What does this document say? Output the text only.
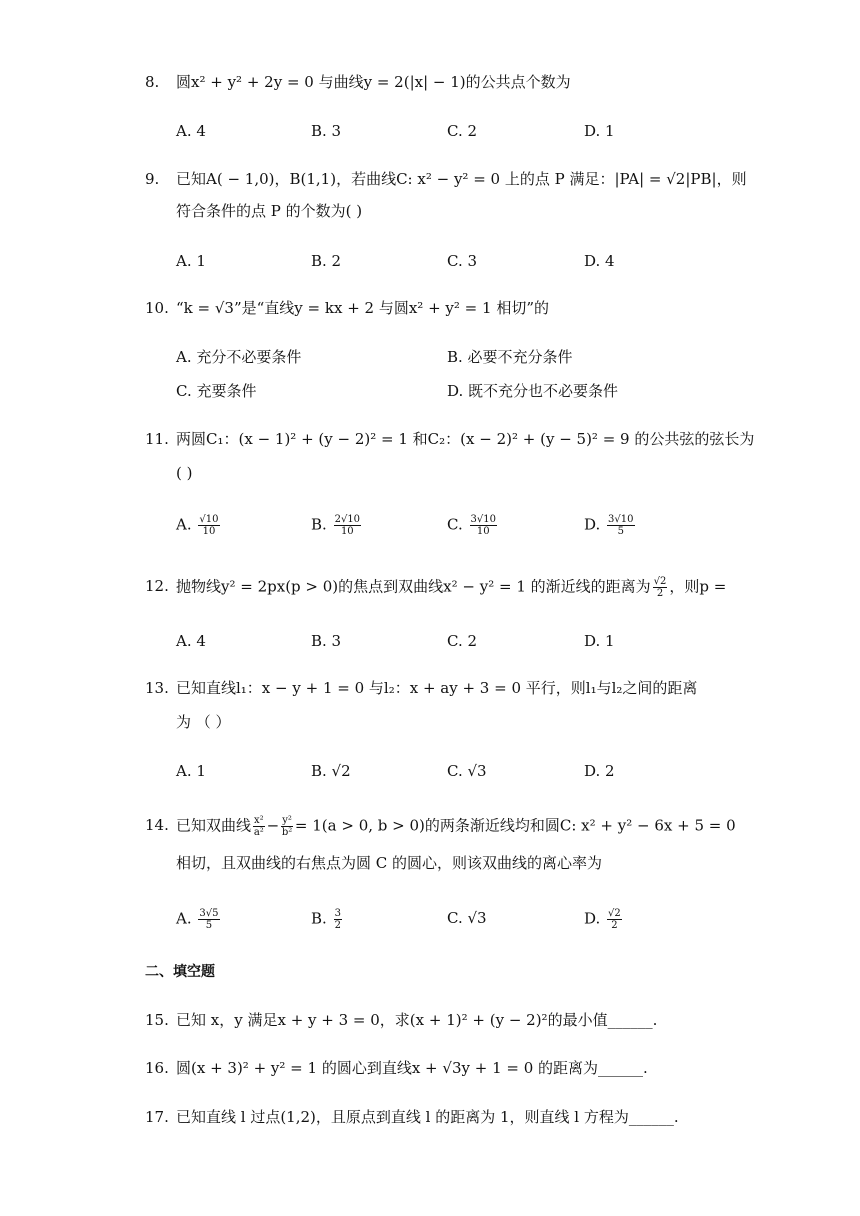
8.	圆x² + y² + 2y = 0 与曲线y = 2(|x| − 1)的公共点个数为
A. 4	B. 3	C. 2	D. 1
9.	已知A( − 1,0)，B(1,1)，若曲线C: x² − y² = 0 上的点 P 满足：|PA| = √2|PB|，则
符合条件的点 P 的个数为( )
A. 1	B. 2	C. 3	D. 4
10. “k = √3”是“直线y = kx + 2 与圆x² + y² = 1 相切”的
A. 充分不必要条件	B. 必要不充分条件
C. 充要条件	D. 既不充分也不必要条件
11. 两圆C₁：(x − 1)² + (y − 2)² = 1 和C₂：(x − 2)² + (y − 5)² = 9 的公共弦的弦长为
( )
A. $\frac{√10}{10}$	B. $\frac{2√10}{10}$	C. $\frac{3√10}{10}$	D. $\frac{3√10}{5}$
12. 抛物线y² = 2px(p > 0)的焦点到双曲线x² − y² = 1 的渐近线的距离为 $\frac{√2}{2}$ ，则p =
A. 4	B. 3	C. 2	D. 1
13. 已知直线l₁：x − y + 1 = 0 与l₂：x + ay + 3 = 0 平行，则l₁与l₂之间的距离
为 （ ）
A. 1	B. √2	C. √3	D. 2
14. 已知双曲线 $\frac{\text{x²}}{\text{a²}} - \frac{\text{y²}}{\text{b²}} = 1(a > 0$, b > 0)的两条渐近线均和圆C: x² + y² − 6x + 5 = 0
相切，且双曲线的右焦点为圆 C 的圆心，则该双曲线的离心率为
A. $\frac{3√5}{5}$	B. $\frac{3}{2}$	C. √3	D. $\frac{√2}{2}$
二、填空题
15. 已知 x，y 满足x + y + 3 = 0，求(x + 1)² + (y − 2)²的最小值______.
16. 圆(x + 3)² + y² = 1 的圆心到直线x + √3y + 1 = 0 的距离为______.
17. 已知直线 l 过点(1,2)，且原点到直线 l 的距离为 1，则直线 l 方程为______.
